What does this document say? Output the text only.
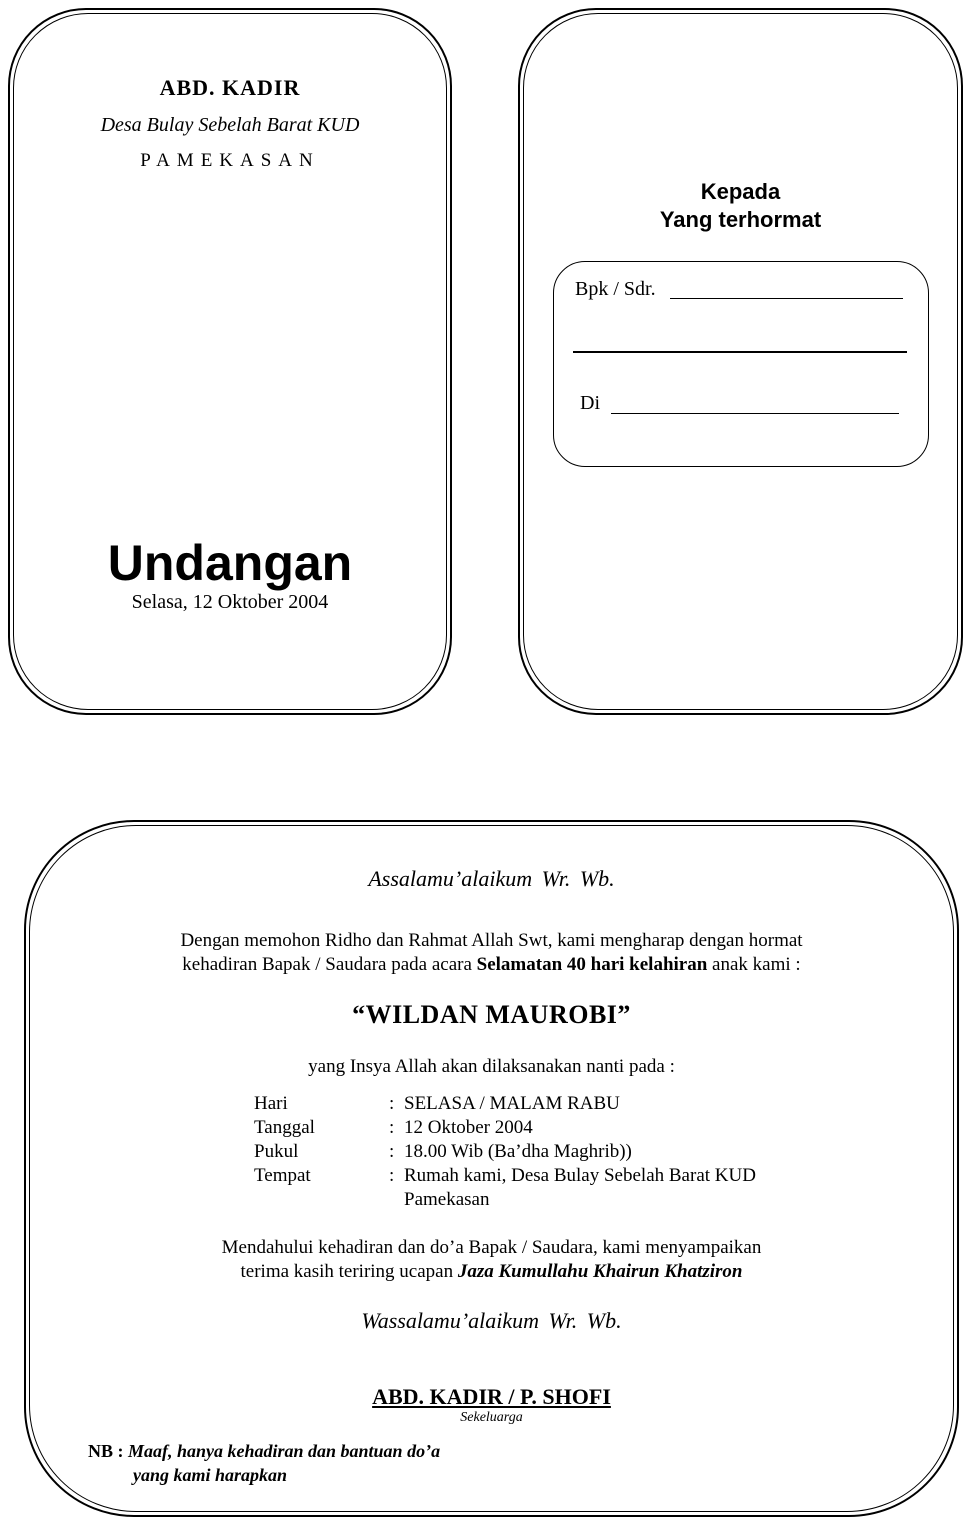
ABD. KADIR
Desa Bulay Sebelah Barat KUD
PAMEKASAN
Undangan
Selasa, 12 Oktober 2004
Kepada
Yang terhormat
Bpk / Sdr.
Di
Assalamu’alaikum Wr. Wb.
Dengan memohon Ridho dan Rahmat Allah Swt, kami mengharap dengan hormat
kehadiran Bapak / Saudara pada acara Selamatan 40 hari kelahiran anak kami :
“WILDAN MAUROBI”
yang Insya Allah akan dilaksanakan nanti pada :
Hari	: SELASA / MALAM RABU
Tanggal	: 12 Oktober 2004
Pukul	: 18.00 Wib (Ba’dha Maghrib))
Tempat	: Rumah kami, Desa Bulay Sebelah Barat KUD
Pamekasan
Mendahului kehadiran dan do’a Bapak / Saudara, kami menyampaikan
terima kasih teriring ucapan Jaza Kumullahu Khairun Khatziron
Wassalamu’alaikum Wr. Wb.
ABD. KADIR / P. SHOFI
Sekeluarga
NB : Maaf, hanya kehadiran dan bantuan do’a
yang kami harapkan
